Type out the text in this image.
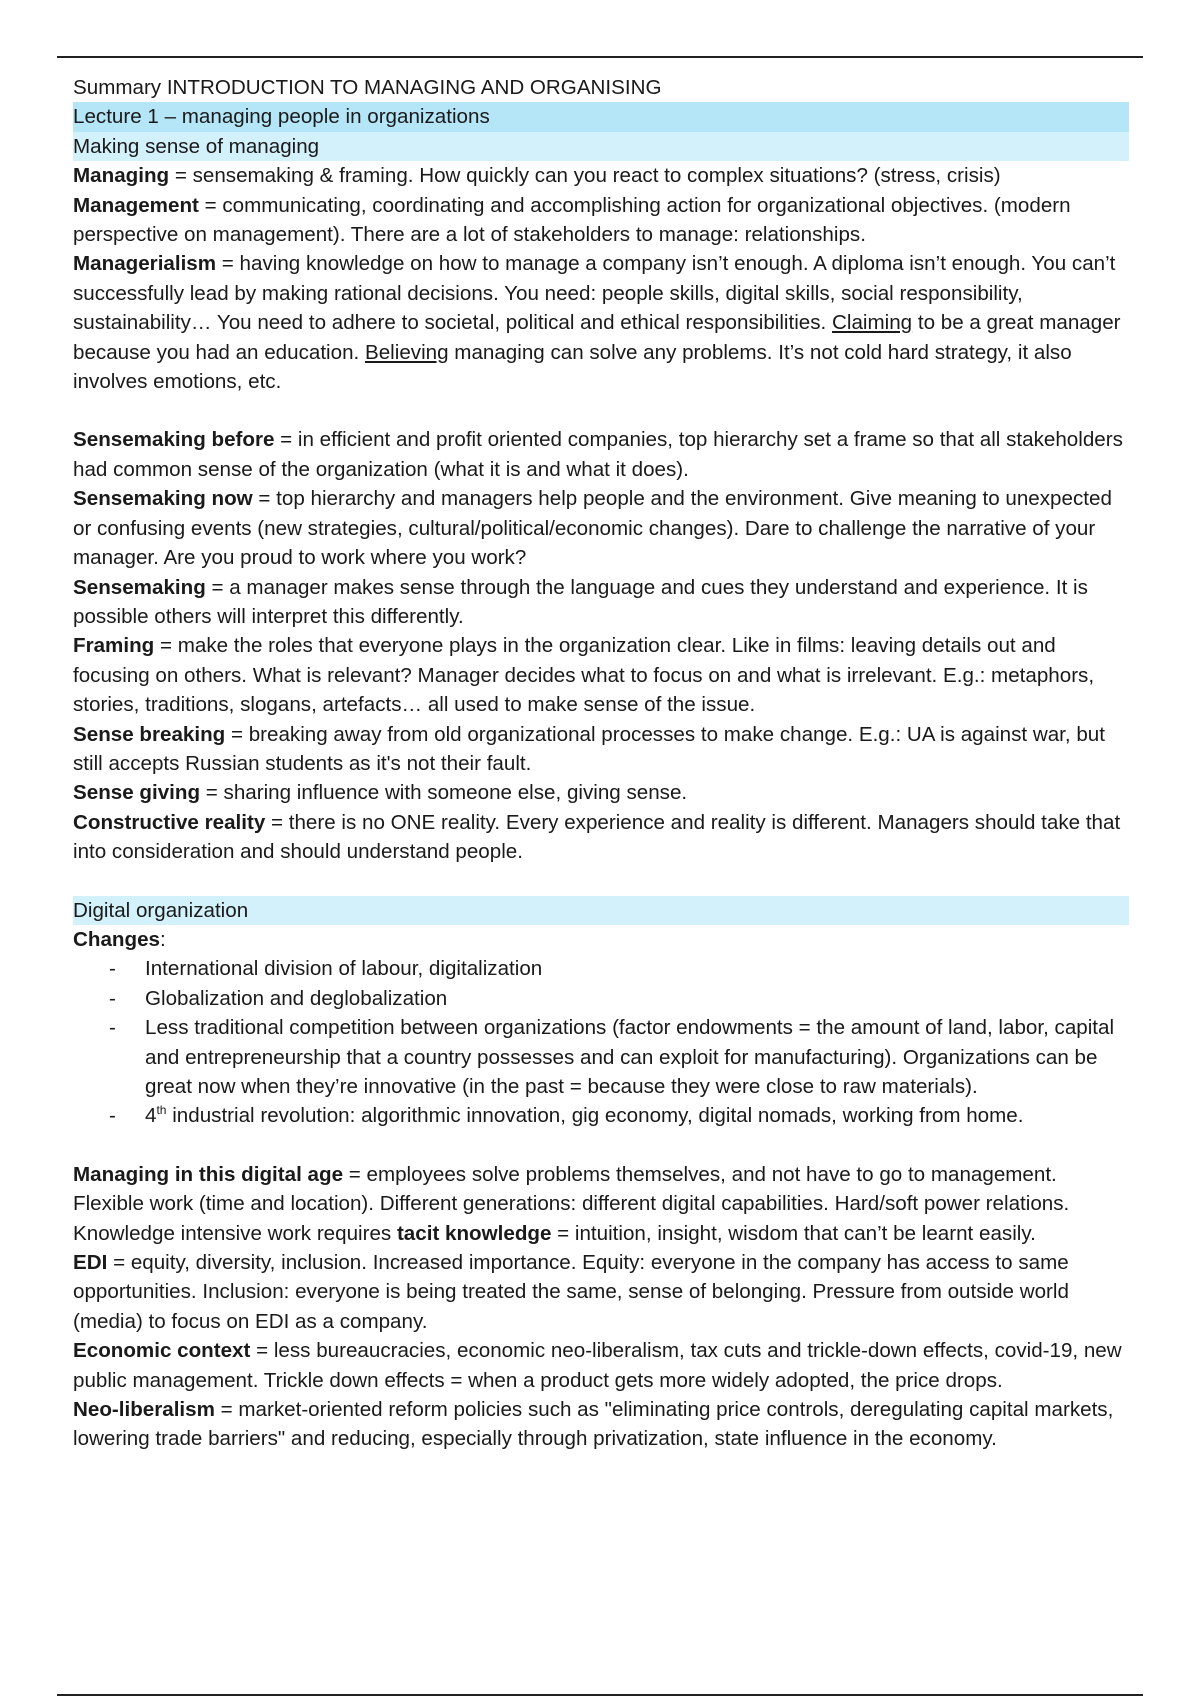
Summary INTRODUCTION TO MANAGING AND ORGANISING
Lecture 1 – managing people in organizations
Making sense of managing
Managing = sensemaking & framing. How quickly can you react to complex situations? (stress, crisis)
Management = communicating, coordinating and accomplishing action for organizational objectives. (modern perspective on management). There are a lot of stakeholders to manage: relationships.
Managerialism = having knowledge on how to manage a company isn’t enough. A diploma isn’t enough. You can’t successfully lead by making rational decisions. You need: people skills, digital skills, social responsibility, sustainability… You need to adhere to societal, political and ethical responsibilities. Claiming to be a great manager because you had an education. Believing managing can solve any problems. It’s not cold hard strategy, it also involves emotions, etc.
Sensemaking before = in efficient and profit oriented companies, top hierarchy set a frame so that all stakeholders had common sense of the organization (what it is and what it does).
Sensemaking now = top hierarchy and managers help people and the environment. Give meaning to unexpected or confusing events (new strategies, cultural/political/economic changes). Dare to challenge the narrative of your manager. Are you proud to work where you work?
Sensemaking = a manager makes sense through the language and cues they understand and experience. It is possible others will interpret this differently.
Framing = make the roles that everyone plays in the organization clear. Like in films: leaving details out and focusing on others. What is relevant? Manager decides what to focus on and what is irrelevant. E.g.: metaphors, stories, traditions, slogans, artefacts… all used to make sense of the issue.
Sense breaking = breaking away from old organizational processes to make change. E.g.: UA is against war, but still accepts Russian students as it's not their fault.
Sense giving = sharing influence with someone else, giving sense.
Constructive reality = there is no ONE reality. Every experience and reality is different. Managers should take that into consideration and should understand people.
Digital organization
Changes:
- International division of labour, digitalization
- Globalization and deglobalization
- Less traditional competition between organizations (factor endowments = the amount of land, labor, capital and entrepreneurship that a country possesses and can exploit for manufacturing). Organizations can be great now when they’re innovative (in the past = because they were close to raw materials).
- 4th industrial revolution: algorithmic innovation, gig economy, digital nomads, working from home.
Managing in this digital age = employees solve problems themselves, and not have to go to management. Flexible work (time and location). Different generations: different digital capabilities. Hard/soft power relations. Knowledge intensive work requires tacit knowledge = intuition, insight, wisdom that can’t be learnt easily.
EDI = equity, diversity, inclusion. Increased importance. Equity: everyone in the company has access to same opportunities. Inclusion: everyone is being treated the same, sense of belonging. Pressure from outside world (media) to focus on EDI as a company.
Economic context = less bureaucracies, economic neo-liberalism, tax cuts and trickle-down effects, covid-19, new public management. Trickle down effects = when a product gets more widely adopted, the price drops.
Neo-liberalism = market-oriented reform policies such as "eliminating price controls, deregulating capital markets, lowering trade barriers" and reducing, especially through privatization, state influence in the economy.
